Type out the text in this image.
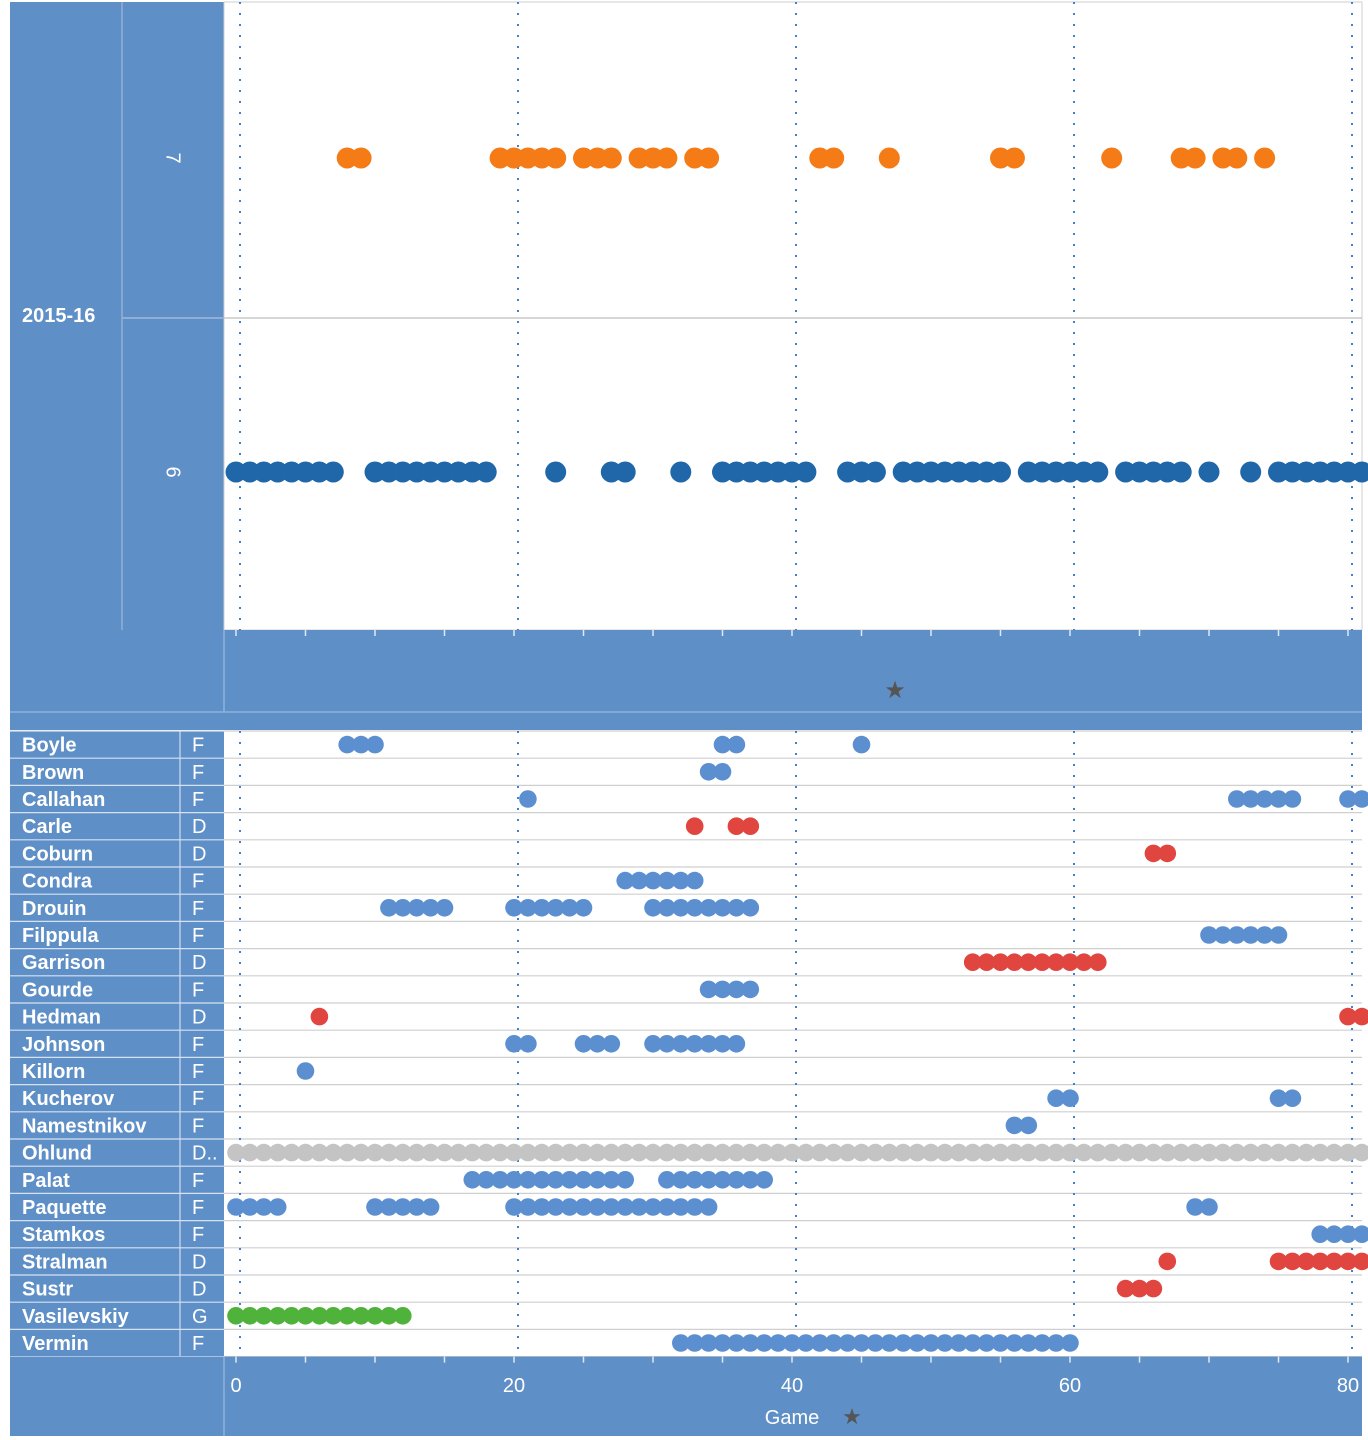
★
★
2015-16
Game
0	20	40	60	80
7
6
Boyle	F
Brown	F
Callahan	F
Carle	D
Coburn	D
Condra	F
Drouin	F
Filppula	F
Garrison	D
Gourde	F
Hedman	D
Johnson	F
Killorn	F
Kucherov	F
Namestnikov F
Ohlund	D..
Palat	F
Paquette	F
Stamkos	F
Stralman	D
Sustr	D
Vasilevskiy	G
Vermin	F
